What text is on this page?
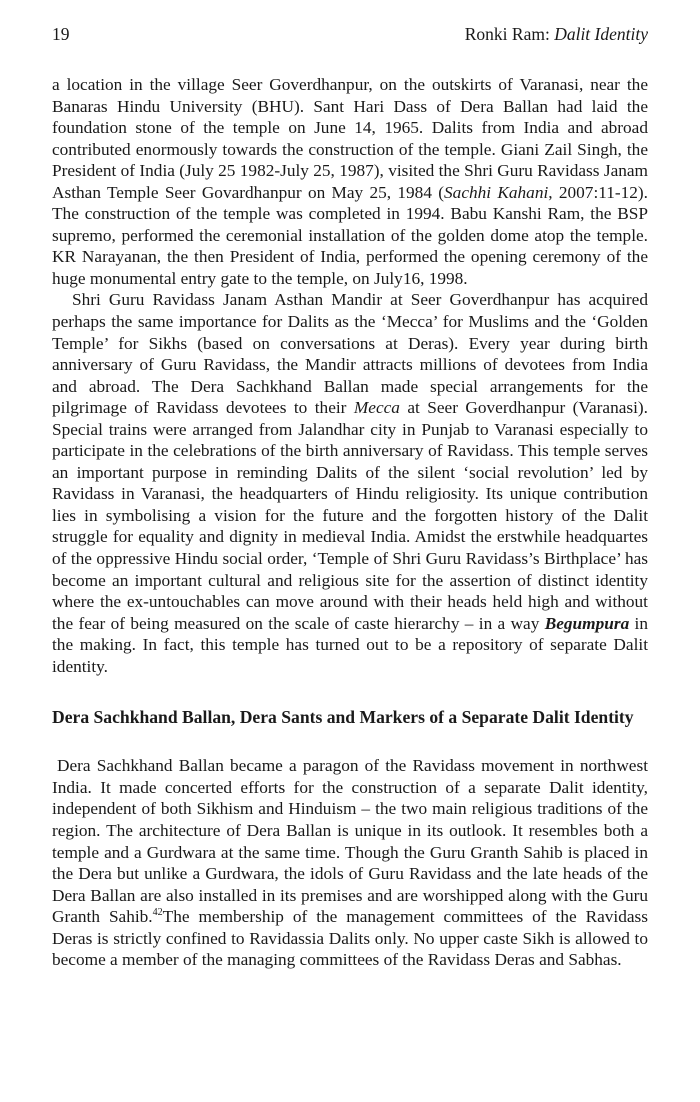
19	Ronki Ram: Dalit Identity

a location in the village Seer Goverdhanpur, on the outskirts of Varanasi, near the Banaras Hindu University (BHU). Sant Hari Dass of Dera Ballan had laid the foundation stone of the temple on June 14, 1965. Dalits from India and abroad contributed enormously towards the construction of the temple. Giani Zail Singh, the President of India (July 25 1982-July 25, 1987), visited the Shri Guru Ravidass Janam Asthan Temple Seer Govardhanpur on May 25, 1984 (Sachhi Kahani, 2007:11-12). The construction of the temple was completed in 1994. Babu Kanshi Ram, the BSP supremo, performed the ceremonial installation of the golden dome atop the temple. KR Narayanan, the then President of India, performed the opening ceremony of the huge monumental entry gate to the temple, on July16, 1998.

Shri Guru Ravidass Janam Asthan Mandir at Seer Goverdhanpur has acquired perhaps the same importance for Dalits as the ‘Mecca’ for Muslims and the ‘Golden Temple’ for Sikhs (based on conversations at Deras). Every year during birth anniversary of Guru Ravidass, the Mandir attracts millions of devotees from India and abroad. The Dera Sachkhand Ballan made special arrangements for the pilgrimage of Ravidass devotees to their Mecca at Seer Goverdhanpur (Varanasi). Special trains were arranged from Jalandhar city in Punjab to Varanasi especially to participate in the celebrations of the birth anniversary of Ravidass. This temple serves an important purpose in reminding Dalits of the silent ‘social revolution’ led by Ravidass in Varanasi, the headquarters of Hindu religiosity. Its unique contribution lies in symbolising a vision for the future and the forgotten history of the Dalit struggle for equality and dignity in medieval India. Amidst the erstwhile headquartes of the oppressive Hindu social order, ‘Temple of Shri Guru Ravidass’s Birthplace’ has become an important cultural and religious site for the assertion of distinct identity where the ex-untouchables can move around with their heads held high and without the fear of being measured on the scale of caste hierarchy – in a way Begumpura in the making. In fact, this temple has turned out to be a repository of separate Dalit identity.

Dera Sachkhand Ballan, Dera Sants and Markers of a Separate Dalit Identity

Dera Sachkhand Ballan became a paragon of the Ravidass movement in northwest India. It made concerted efforts for the construction of a separate Dalit identity, independent of both Sikhism and Hinduism – the two main religious traditions of the region. The architecture of Dera Ballan is unique in its outlook. It resembles both a temple and a Gurdwara at the same time. Though the Guru Granth Sahib is placed in the Dera but unlike a Gurdwara, the idols of Guru Ravidass and the late heads of the Dera Ballan are also installed in its premises and are worshipped along with the Guru Granth Sahib.$^{42}$The membership of the management committees of the Ravidass Deras is strictly confined to Ravidassia Dalits only. No upper caste Sikh is allowed to become a member of the managing committees of the Ravidass Deras and Sabhas.
